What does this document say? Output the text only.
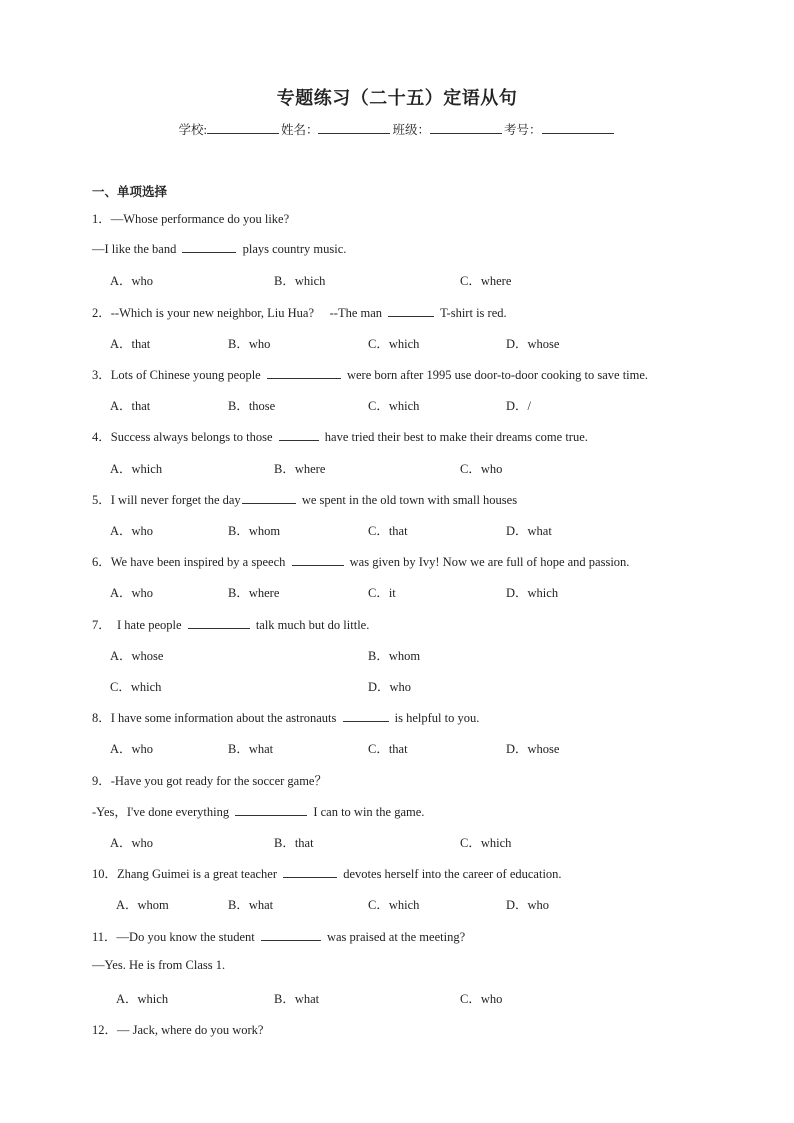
专题练习（二十五）定语从句
学校:	姓名：	班级：	考号：
一、单项选择
1．—Whose performance do you like?
—I like the band	plays country music.
A．who	B．which	C．where
2．--Which is your new neighbor, Liu Hua?     --The man	T-shirt is red.
A．that	B．who	C．which	D．whose
3．Lots of Chinese young people	were born after 1995 use door-to-door cooking to save time.
A．that	B．those	C．which	D．/
4．Success always belongs to those	have tried their best to make their dreams come true.
A．which	B．where	C．who
5．I will never forget the day	we spent in the old town with small houses
A．who	B．whom	C．that	D．what
6．We have been inspired by a speech	was given by Ivy! Now we are full of hope and passion.
A．who	B．where	C．it	D．which
7．  I hate people	talk much but do little.
A．whose	B．whom
C．which	D．who
8．I have some information about the astronauts	is helpful to you.
A．who	B．what	C．that	D．whose
9．-Have you got ready for the soccer game？
-Yes，I've done everything	I can to win the game.
A．who	B．that	C．which
10．Zhang Guimei is a great teacher	devotes herself into the career of education.
A．whom	B．what	C．which	D．who
11．—Do you know the student	was praised at the meeting?
—Yes. He is from Class 1.
A．which	B．what	C．who
12．— Jack, where do you work?
